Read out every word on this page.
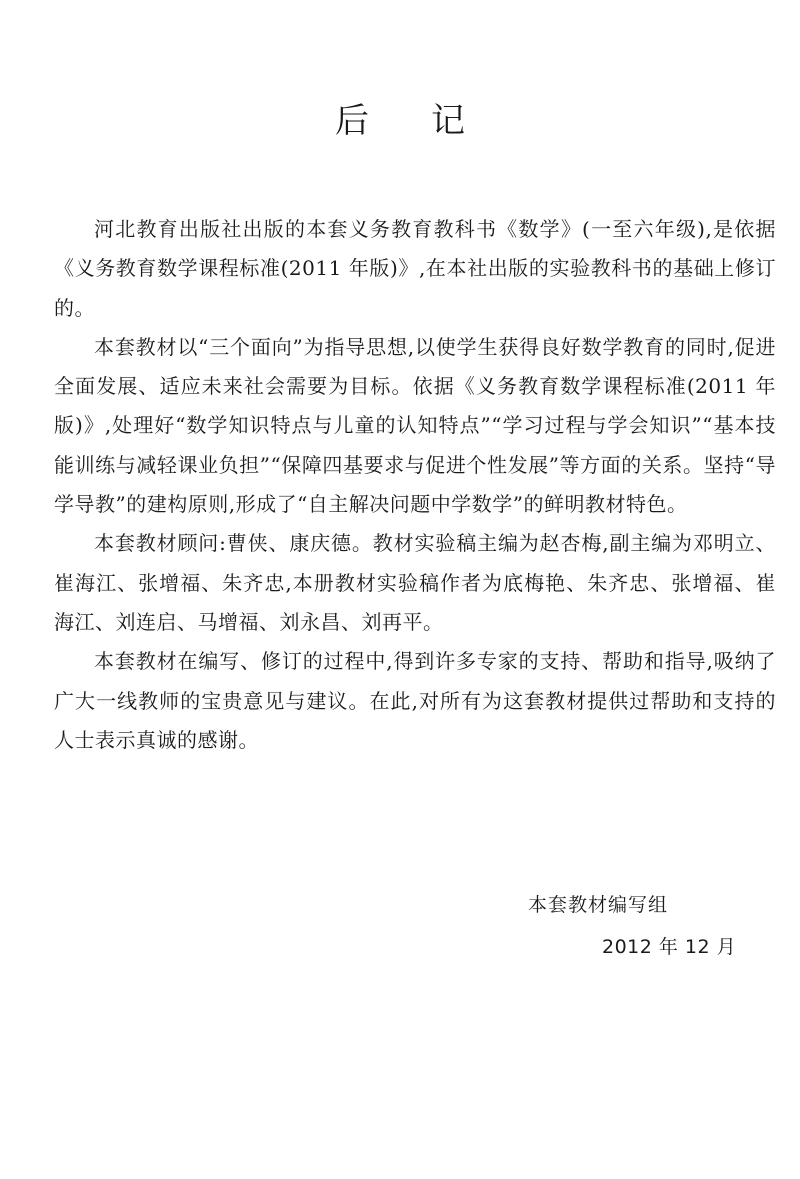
后记

河北教育出版社出版的本套义务教育教科书《数学》(一至六年级),是依据《义务教育数学课程标准(2011 年版)》,在本社出版的实验教科书的基础上修订的。

本套教材以“三个面向”为指导思想,以使学生获得良好数学教育的同时,促进全面发展、适应未来社会需要为目标。依据《义务教育数学课程标准(2011 年版)》,处理好“数学知识特点与儿童的认知特点”“学习过程与学会知识”“基本技能训练与减轻课业负担”“保障四基要求与促进个性发展”等方面的关系。坚持“导学导教”的建构原则,形成了“自主解决问题中学数学”的鲜明教材特色。

本套教材顾问:曹侠、康庆德。教材实验稿主编为赵杏梅,副主编为邓明立、崔海江、张增福、朱齐忠,本册教材实验稿作者为底梅艳、朱齐忠、张增福、崔海江、刘连启、马增福、刘永昌、刘再平。

本套教材在编写、修订的过程中,得到许多专家的支持、帮助和指导,吸纳了广大一线教师的宝贵意见与建议。在此,对所有为这套教材提供过帮助和支持的人士表示真诚的感谢。

本套教材编写组
2012 年 12 月
